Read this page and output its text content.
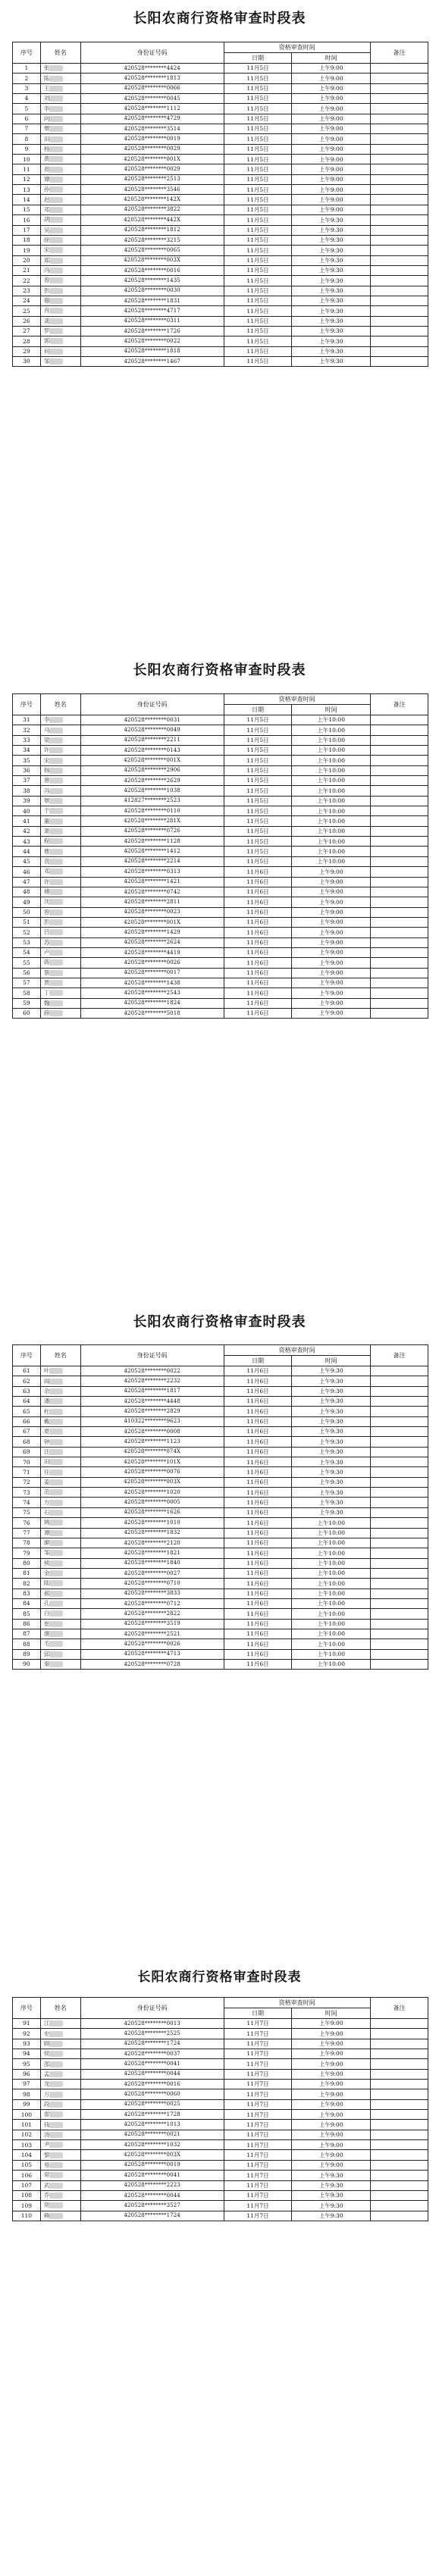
长阳农商行资格审查时段表
序号	姓名	身份证号码	资格审查时间		备注
			日期	时间	
1	张	420528********4424	11月5日	上午9:00	
2	陈	420528********1813	11月5日	上午9:00	
3	王	420528********0066	11月5日	上午9:00	
4	刘	420528********0045	11月5日	上午9:00	
5	李	420528********1112	11月5日	上午9:00	
6	向	420528********4729	11月5日	上午9:00	
7	覃	420528********3514	11月5日	上午9:00	
8	田	420528********0019	11月5日	上午9:00	
9	杨	420528********0029	11月5日	上午9:00	
10	黄	420528********001X	11月5日	上午9:00	
11	周	420528********0029	11月5日	上午9:00	
12	谭	420528********2513	11月5日	上午9:00	
13	孙	420528********3546	11月5日	上午9:00	
14	赵	420528********142X	11月5日	上午9:00	
15	邓	420528********3822	11月5日	上午9:00	
16	胡	420528********442X	11月5日	上午9:30	
17	吴	420528********1812	11月5日	上午9:30	
18	徐	420528********3215	11月5日	上午9:30	
19	宋	420528********0065	11月5日	上午9:30	
20	郑	420528********003X	11月5日	上午9:30	
21	冯	420528********0016	11月5日	上午9:30	
22	曾	420528********1435	11月5日	上午9:30	
23	彭	420528********0030	11月5日	上午9:30	
24	谢	420528********1831	11月5日	上午9:30	
25	肖	420528********4717	11月5日	上午9:30	
26	龚	420528********0311	11月5日	上午9:30	
27	罗	420528********1726	11月5日	上午9:30	
28	郭	420528********0022	11月5日	上午9:30	
29	何	420528********1818	11月5日	上午9:30	
30	邹	420528********1467	11月5日	上午9:30	
长阳农商行资格审查时段表
序号	姓名	身份证号码	资格审查时间		备注
			日期	时间	
31	李	420528********0031	11月5日	上午10:00	
32	马	420528********0049	11月5日	上午10:00	
33	梁	420528********2211	11月5日	上午10:00	
34	许	420528********0143	11月5日	上午10:00	
35	宋	420528********001X	11月5日	上午10:00	
36	韩	420528********2906	11月5日	上午10:00	
37	唐	420528********2629	11月5日	上午10:00	
38	冯	420528********1038	11月5日	上午10:00	
39	覃	412827********2523	11月5日	上午10:00	
40	于	420528********0110	11月5日	上午10:00	
41	董	420528********281X	11月5日	上午10:00	
42	萧	420528********0726	11月5日	上午10:00	
43	程	420528********1128	11月5日	上午10:00	
44	曹	420528********1412	11月5日	上午10:00	
45	袁	420528********2214	11月5日	上午10:00	
46	邓	420528********0313	11月6日	上午9:00	
47	许	420528********1421	11月6日	上午9:00	
48	傅	420528********0742	11月6日	上午9:00	
49	沈	420528********2811	11月6日	上午9:00	
50	曾	420528********0023	11月6日	上午9:00	
51	彭	420528********001X	11月6日	上午9:00	
52	吕	420528********1429	11月6日	上午9:00	
53	苏	420528********2624	11月6日	上午9:00	
54	卢	420528********4419	11月6日	上午9:00	
55	蒋	420528********0026	11月6日	上午9:00	
56	蔡	420528********0017	11月6日	上午9:00	
57	贾	420528********1438	11月6日	上午9:00	
58	丁	420528********2543	11月6日	上午9:00	
59	魏	420528********1824	11月6日	上午9:00	
60	薛	420528********5018	11月6日	上午9:00	
长阳农商行资格审查时段表
序号	姓名	身份证号码	资格审查时间		备注
			日期	时间	
61	叶	420528********0022	11月6日	上午9:30	
62	阎	420528********2232	11月6日	上午9:30	
63	余	420528********1817	11月6日	上午9:30	
64	潘	420528********4448	11月6日	上午9:30	
65	杜	420528********2829	11月6日	上午9:30	
66	戴	410322********9623	11月6日	上午9:30	
67	夏	420528********0008	11月6日	上午9:30	
68	钟	420528********1123	11月6日	上午9:30	
69	汪	420528********074X	11月6日	上午9:30	
70	田	420528********101X	11月6日	上午9:30	
71	任	420528********0076	11月6日	上午9:30	
72	姜	420528********003X	11月6日	上午9:30	
73	范	420528********1020	11月6日	上午9:30	
74	方	420528********0005	11月6日	上午9:30	
75	石	420528********1626	11月6日	上午9:30	
76	姚	420528********1010	11月6日	上午10:00	
77	谭	420528********1832	11月6日	上午10:00	
78	廖	420528********2120	11月6日	上午10:00	
79	邹	420528********1821	11月6日	上午10:00	
80	熊	420528********1840	11月6日	上午10:00	
81	金	420528********0027	11月6日	上午10:00	
82	陆	420528********0710	11月6日	上午10:00	
83	郝	420528********3833	11月6日	上午10:00	
84	孔	420528********0712	11月6日	上午10:00	
85	白	420528********2822	11月6日	上午10:00	
86	崔	420528********3519	11月6日	上午10:00	
87	康	420528********2521	11月6日	上午10:00	
88	毛	420528********0026	11月6日	上午10:00	
89	邱	420528********4713	11月6日	上午10:00	
90	秦	420528********0728	11月6日	上午10:00	
长阳农商行资格审查时段表
序号	姓名	身份证号码	资格审查时间		备注
			日期	时间	
91	江	420528********0013	11月7日	上午9:00	
92	史	420528********2525	11月7日	上午9:00	
93	顾	420528********1724	11月7日	上午9:00	
94	侯	420528********0037	11月7日	上午9:00	
95	邵	420528********0041	11月7日	上午9:00	
96	孟	420528********0044	11月7日	上午9:00	
97	龙	420528********0016	11月7日	上午9:00	
98	万	420528********0060	11月7日	上午9:00	
99	段	420528********0025	11月7日	上午9:00	
100	雷	420528********1728	11月7日	上午9:00	
101	钱	420528********1013	11月7日	上午9:00	
102	汤	420528********0021	11月7日	上午9:00	
103	尹	420528********1032	11月7日	上午9:00	
104	黎	420528********003X	11月7日	上午9:00	
105	易	420528********0019	11月7日	上午9:00	
106	常	420528********0041	11月7日	上午9:30	
107	武	420528********2223	11月7日	上午9:30	
108	乔	420528********0044	11月7日	上午9:30	
109	贺	420528********3527	11月7日	上午9:30	
110	赖	420528********1724	11月7日	上午9:30	
